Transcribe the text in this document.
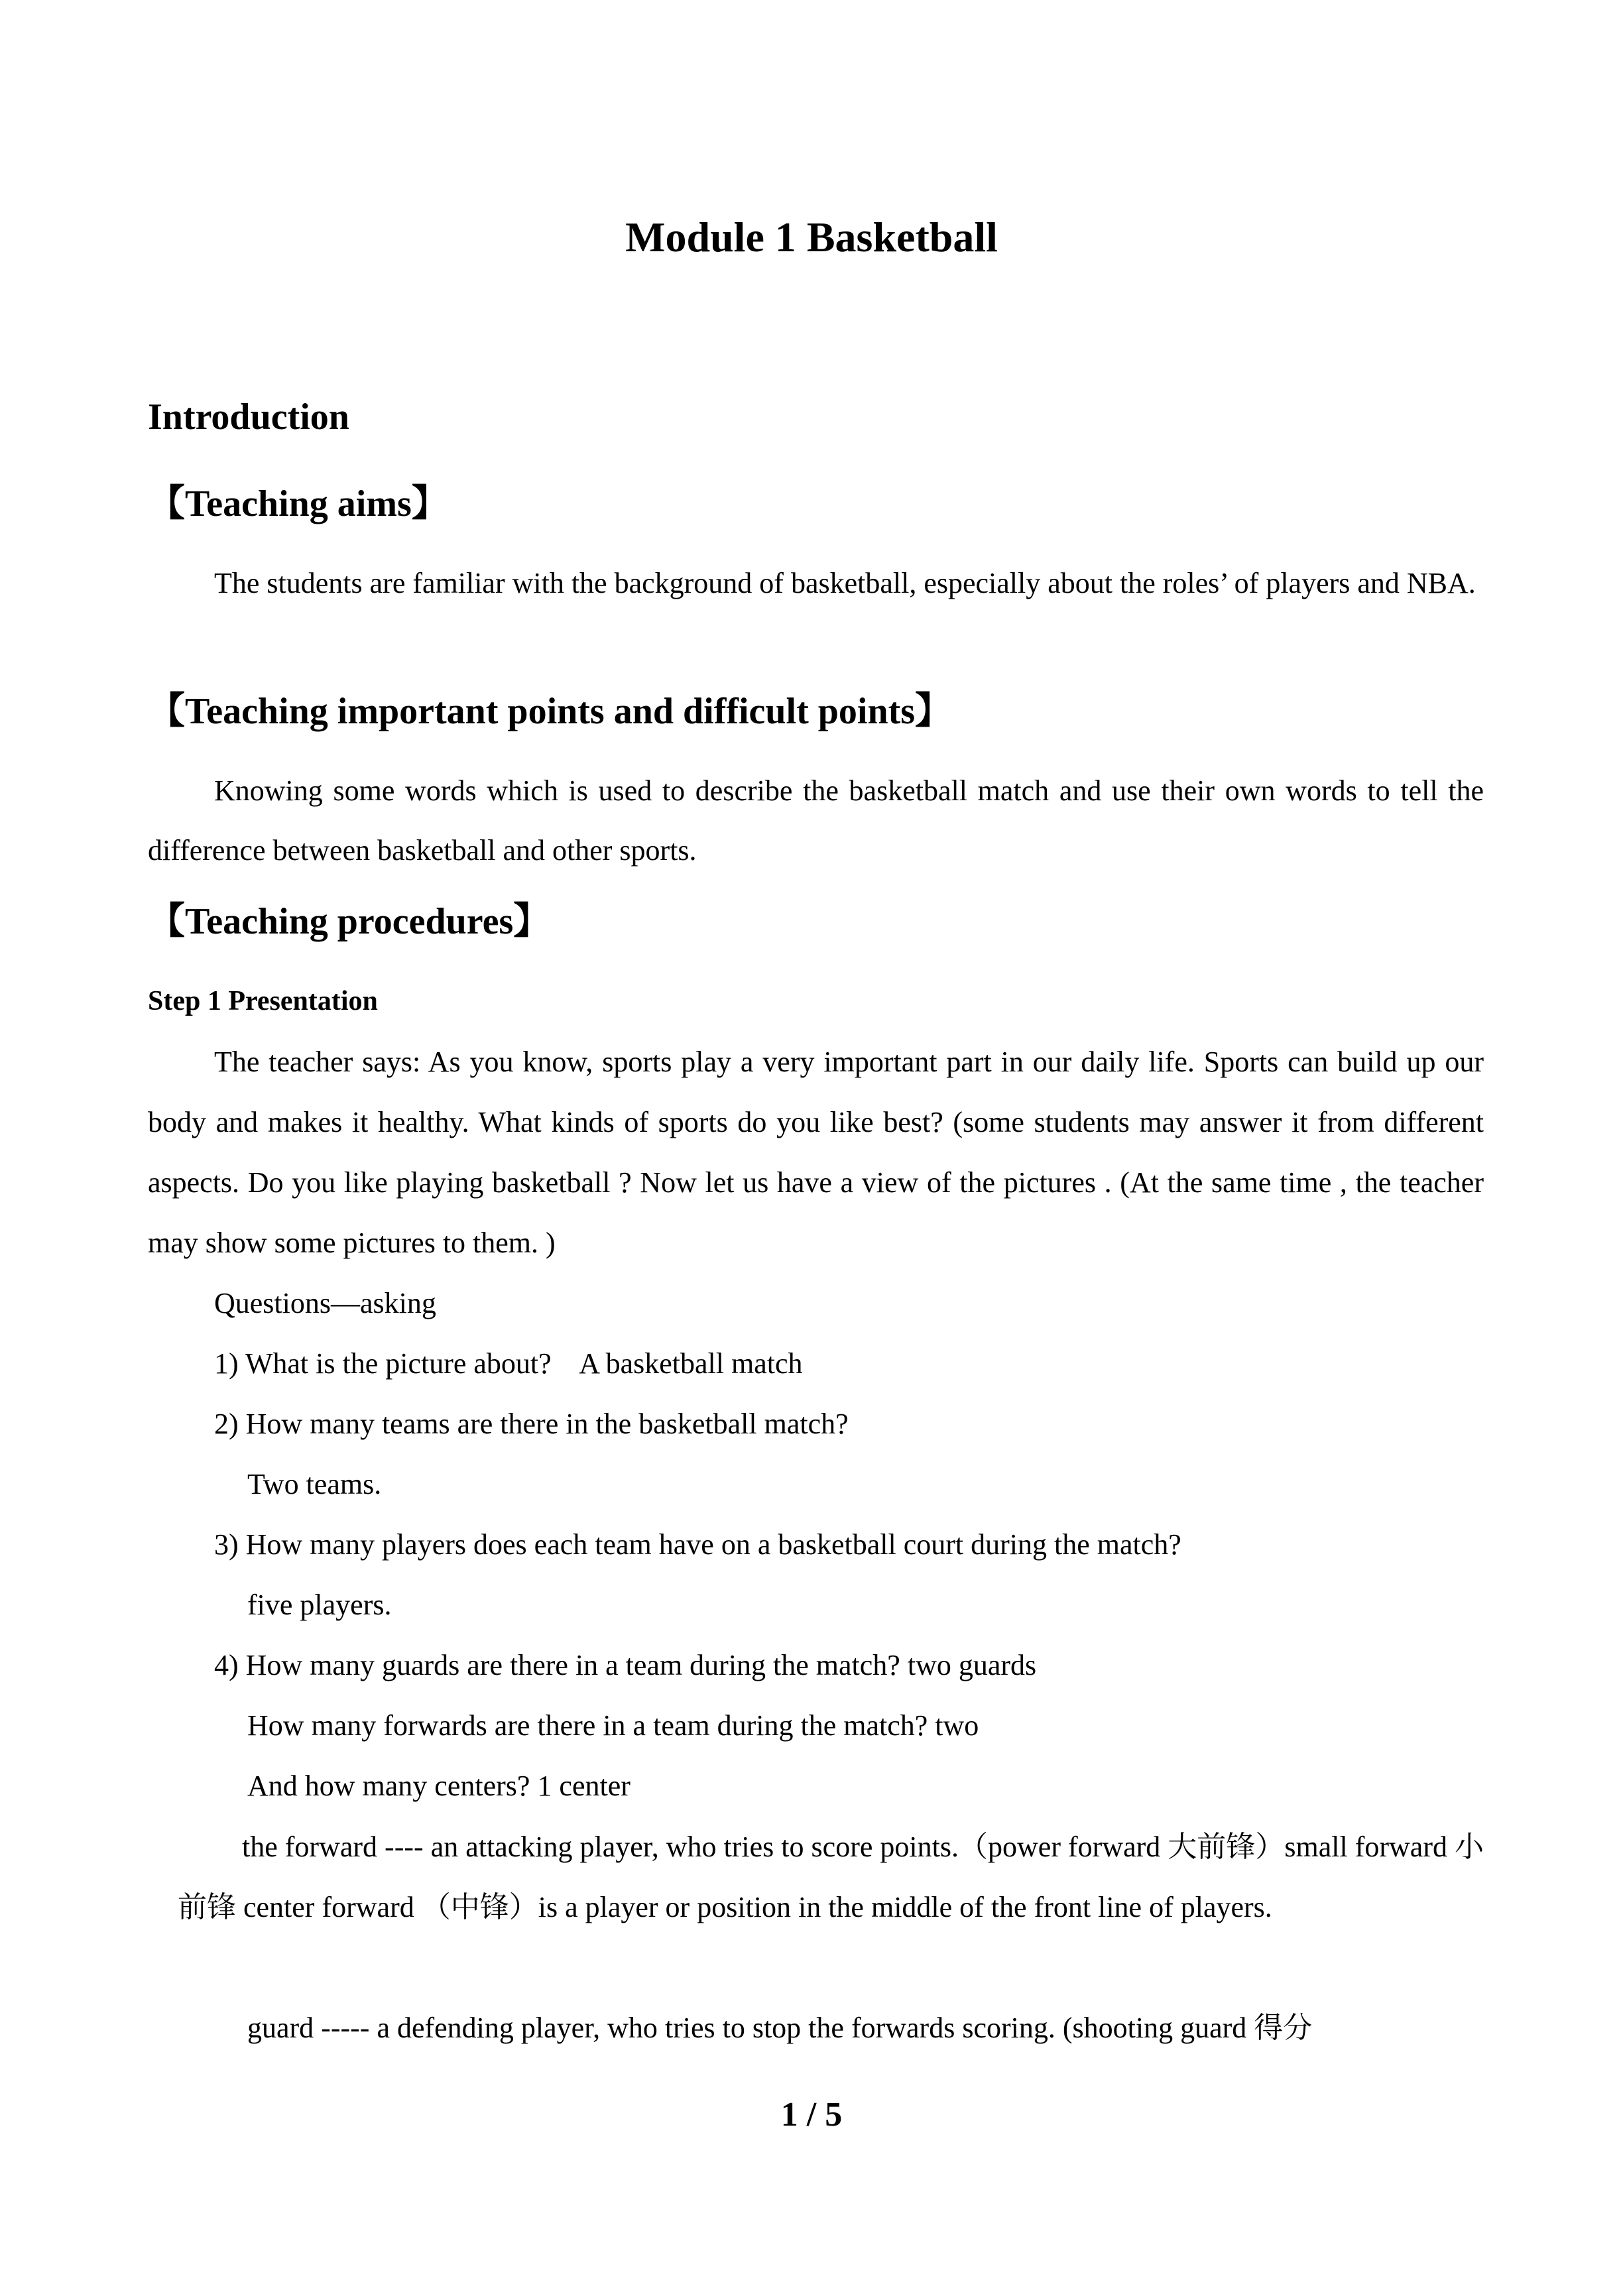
Module 1 Basketball
Introduction
【Teaching aims】
The students are familiar with the background of basketball, especially about the roles’ of players and NBA.
【Teaching important points and difficult points】
Knowing some words which is used to describe the basketball match and use their own words to tell the difference between basketball and other sports.
【Teaching procedures】
Step 1 Presentation
The teacher says: As you know, sports play a very important part in our daily life. Sports can build up our body and makes it healthy. What kinds of sports do you like best? (some students may answer it from different aspects. Do you like playing basketball ? Now let us have a view of the pictures . (At the same time , the teacher may show some pictures to them. )
Questions—asking
1) What is the picture about?    A basketball match
2) How many teams are there in the basketball match?
Two teams.
3) How many players does each team have on a basketball court during the match?
five players.
4) How many guards are there in a team during the match? two guards
How many forwards are there in a team during the match? two
And how many centers? 1 center
the forward ---- an attacking player, who tries to score points.（power forward 大前锋）small forward 小前锋 center forward （中锋）is a player or position in the middle of the front line of players.
guard ----- a defending player, who tries to stop the forwards scoring. (shooting guard 得分
1 / 5
